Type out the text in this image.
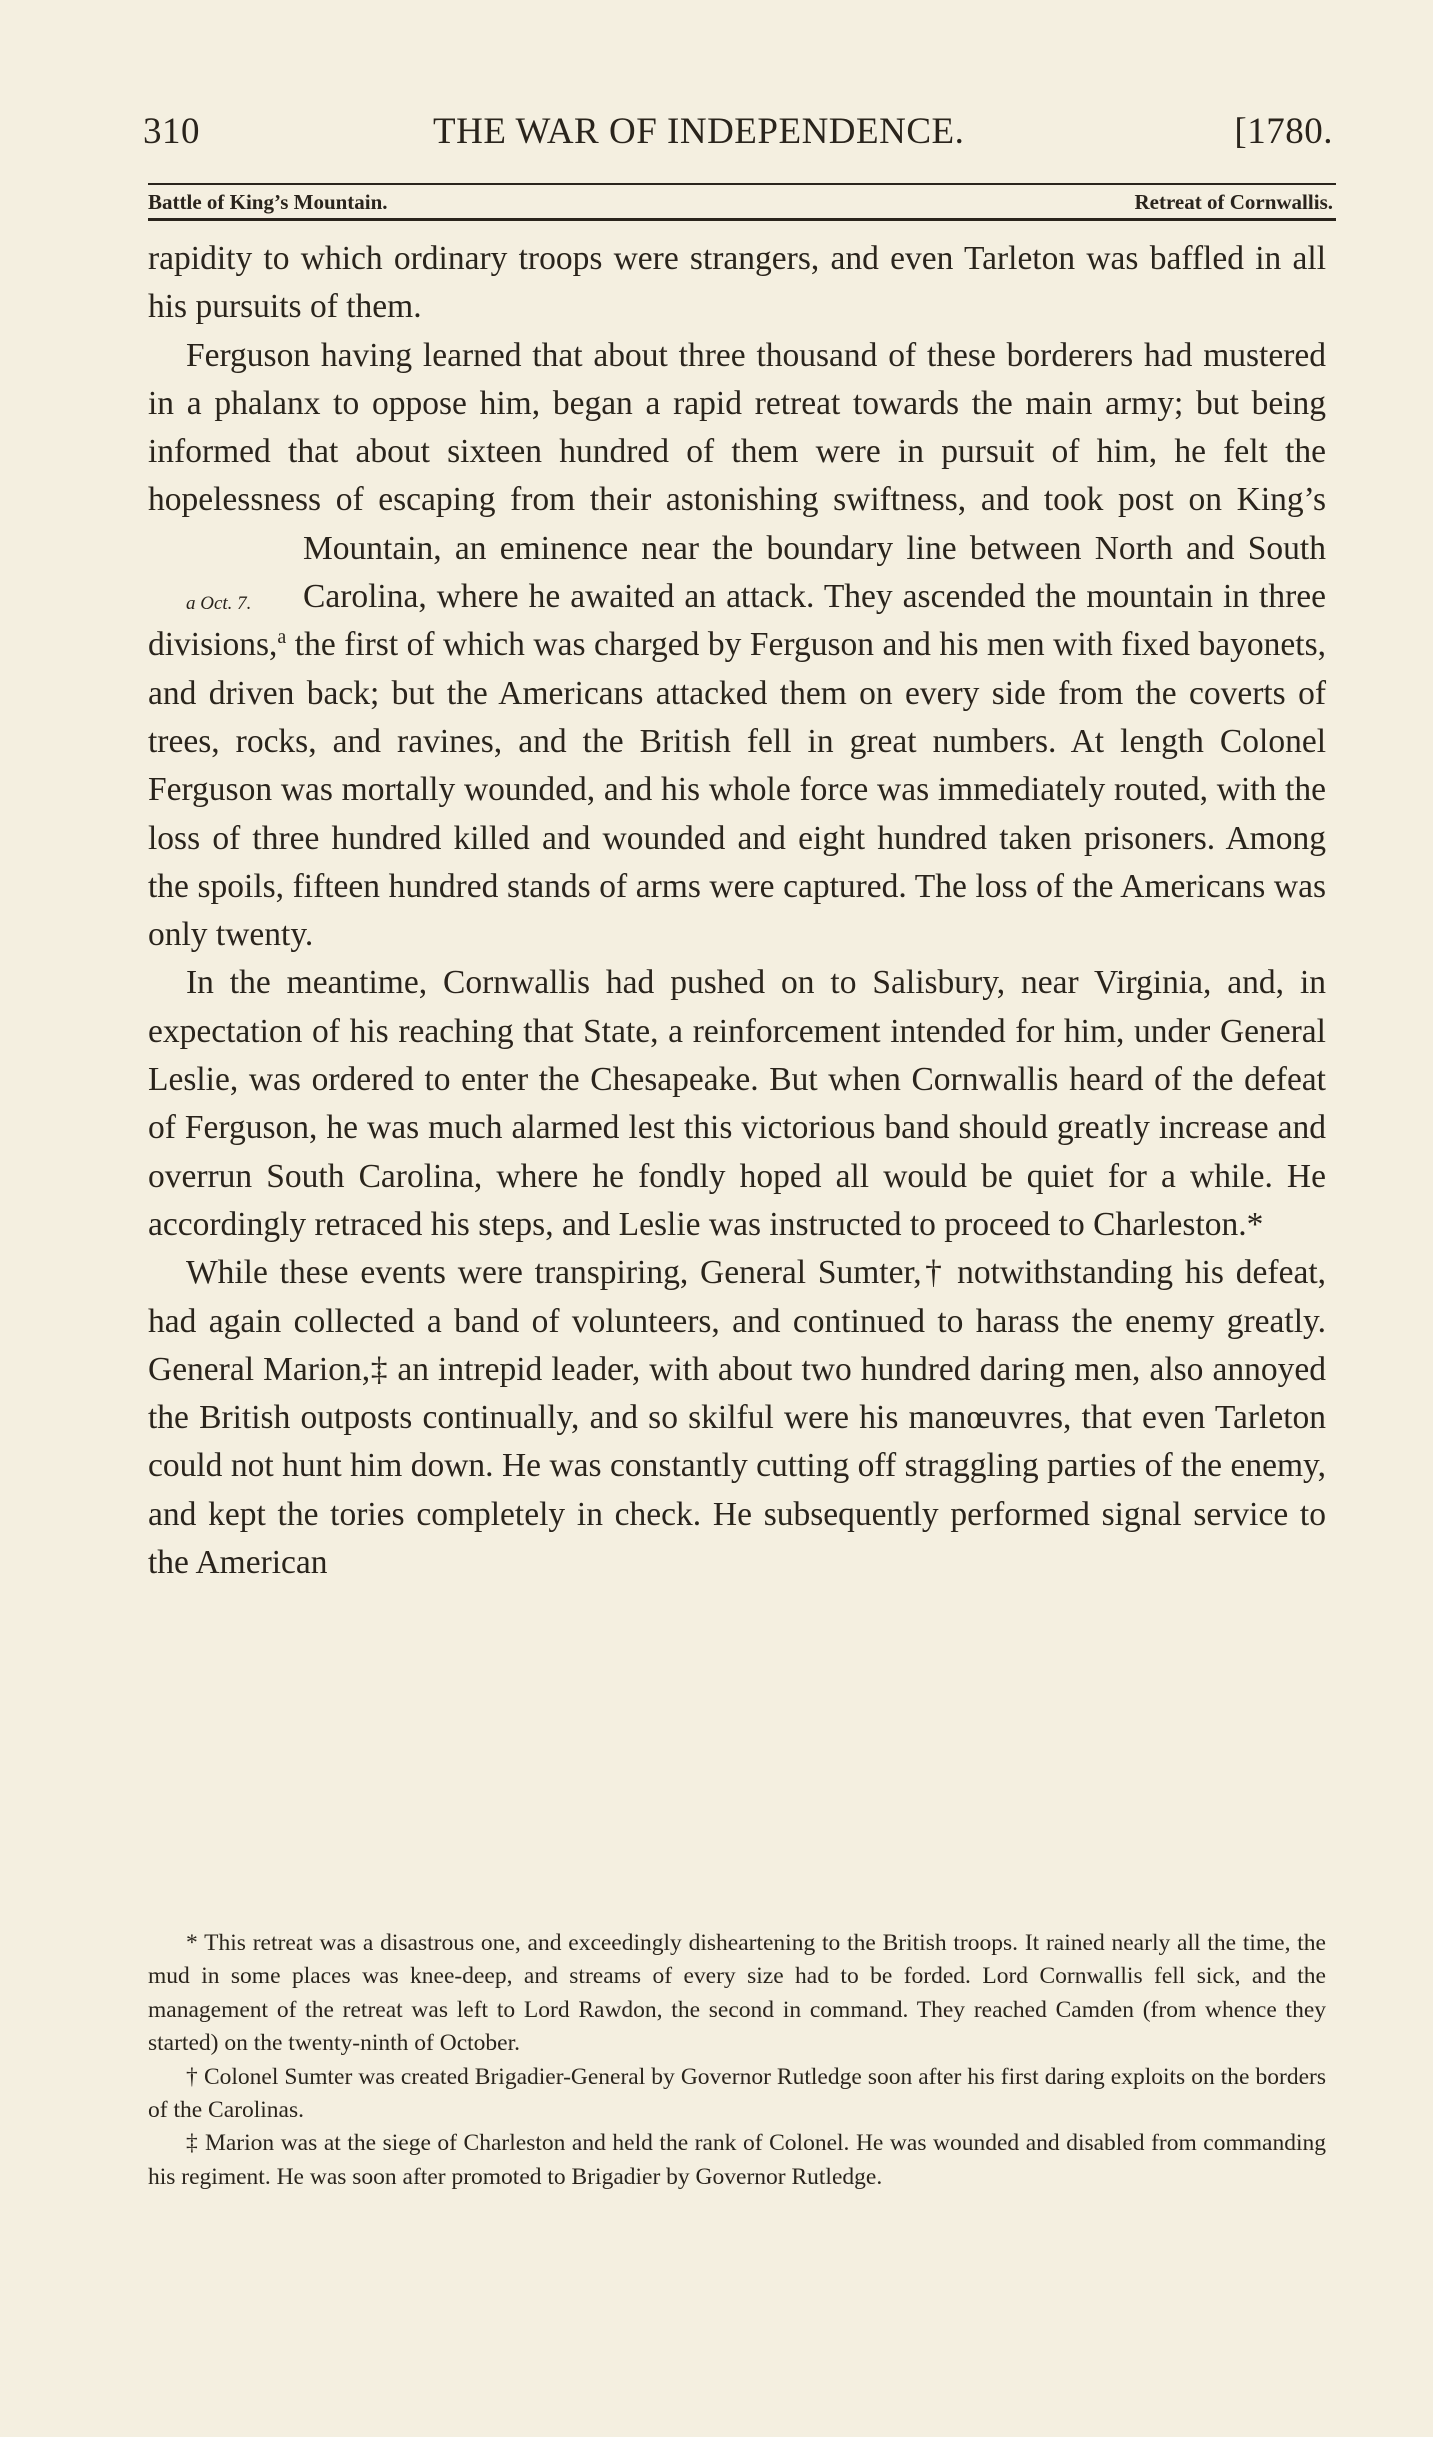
310	THE WAR OF INDEPENDENCE.	[1780.
Battle of King’s Mountain.	Retreat of Cornwallis.

rapidity to which ordinary troops were strangers, and even Tarleton was baffled in all his pursuits of them.

Ferguson having learned that about three thousand of these borderers had mustered in a phalanx to oppose him, began a rapid retreat towards the main army; but being informed that about sixteen hundred of them were in pursuit of him, he felt the hopelessness of escaping from their astonishing swiftness, and took post on King’s Mountain, an eminence near the boundary line between
a Oct. 7.
North and South Carolina, where he awaited an attack. They ascended the mountain in three divisions,$^a$ the first of which was charged by Ferguson and his men with fixed bayonets, and driven back; but the Americans attacked them on every side from the coverts of trees, rocks, and ravines, and the British fell in great numbers. At length Colonel Ferguson was mortally wounded, and his whole force was immediately routed, with the loss of three hundred killed and wounded and eight hundred taken prisoners. Among the spoils, fifteen hundred stands of arms were captured. The loss of the Americans was only twenty.

In the meantime, Cornwallis had pushed on to Salisbury, near Virginia, and, in expectation of his reaching that State, a reinforcement intended for him, under General Leslie, was ordered to enter the Chesapeake. But when Cornwallis heard of the defeat of Ferguson, he was much alarmed lest this victorious band should greatly increase and overrun South Carolina, where he fondly hoped all would be quiet for a while. He accordingly retraced his steps, and Leslie was instructed to proceed to Charleston.*

While these events were transpiring, General Sumter,† notwithstanding his defeat, had again collected a band of volunteers, and continued to harass the enemy greatly. General Marion,‡ an intrepid leader, with about two hundred daring men, also annoyed the British outposts continually, and so skilful were his manœuvres, that even Tarleton could not hunt him down. He was constantly cutting off straggling parties of the enemy, and kept the tories completely in check. He subsequently performed signal service to the American

* This retreat was a disastrous one, and exceedingly disheartening to the British troops. It rained nearly all the time, the mud in some places was knee-deep, and streams of every size had to be forded. Lord Cornwallis fell sick, and the management of the retreat was left to Lord Rawdon, the second in command. They reached Camden (from whence they started) on the twenty-ninth of October.

† Colonel Sumter was created Brigadier-General by Governor Rutledge soon after his first daring exploits on the borders of the Carolinas.

‡ Marion was at the siege of Charleston and held the rank of Colonel. He was wounded and disabled from commanding his regiment. He was soon after promoted to Brigadier by Governor Rutledge.
